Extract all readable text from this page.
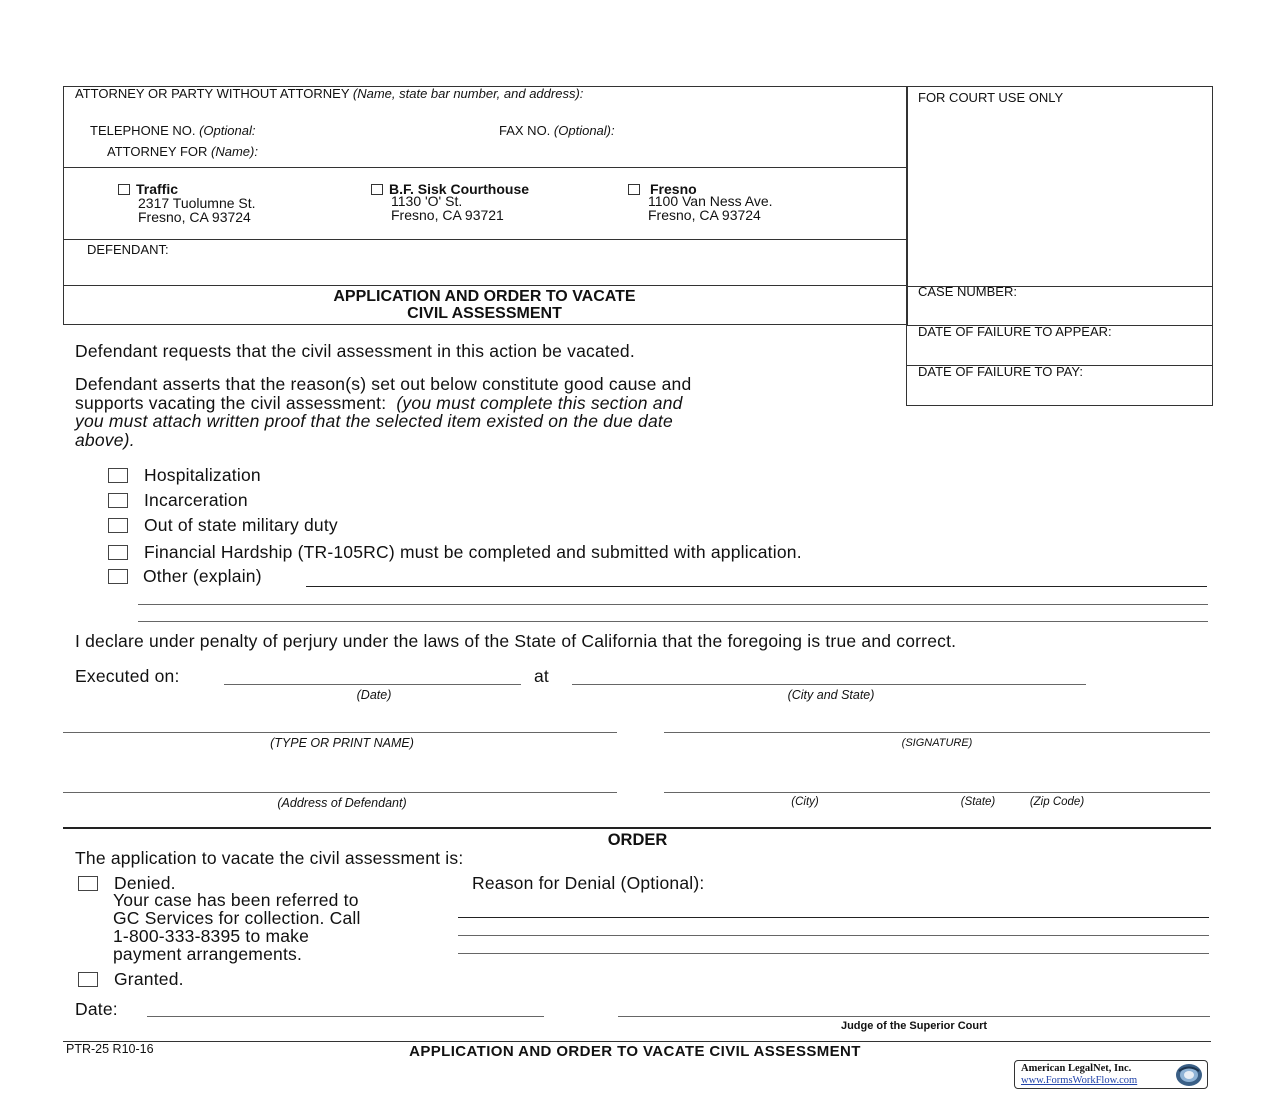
ATTORNEY OR PARTY WITHOUT ATTORNEY (Name, state bar number, and address):
TELEPHONE NO. (Optional:	FAX NO. (Optional):
ATTORNEY FOR (Name):
FOR COURT USE ONLY
Traffic
2317 Tuolumne St.
Fresno, CA 93724
B.F. Sisk Courthouse
1130 'O' St.
Fresno, CA 93721
Fresno
1100 Van Ness Ave.
Fresno, CA 93724
DEFENDANT:
APPLICATION AND ORDER TO VACATE
CIVIL ASSESSMENT
CASE NUMBER:
DATE OF FAILURE TO APPEAR:
DATE OF FAILURE TO PAY:
Defendant requests that the civil assessment in this action be vacated.
Defendant asserts that the reason(s) set out below constitute good cause and
supports vacating the civil assessment: (you must complete this section and
you must attach written proof that the selected item existed on the due date
above).
Hospitalization
Incarceration
Out of state military duty
Financial Hardship (TR-105RC) must be completed and submitted with application.
Other (explain)
I declare under penalty of perjury under the laws of the State of California that the foregoing is true and correct.
Executed on:	at
(Date)	(City and State)
(TYPE OR PRINT NAME)	(SIGNATURE)
(Address of Defendant)	(City)	(State)	(Zip Code)
ORDER
The application to vacate the civil assessment is:
Denied.
Your case has been referred to
GC Services for collection. Call
1-800-333-8395 to make
payment arrangements.
Reason for Denial (Optional):
Granted.
Date:
Judge of the Superior Court
PTR-25 R10-16	APPLICATION AND ORDER TO VACATE CIVIL ASSESSMENT
American LegalNet, Inc.
www.FormsWorkFlow.com
